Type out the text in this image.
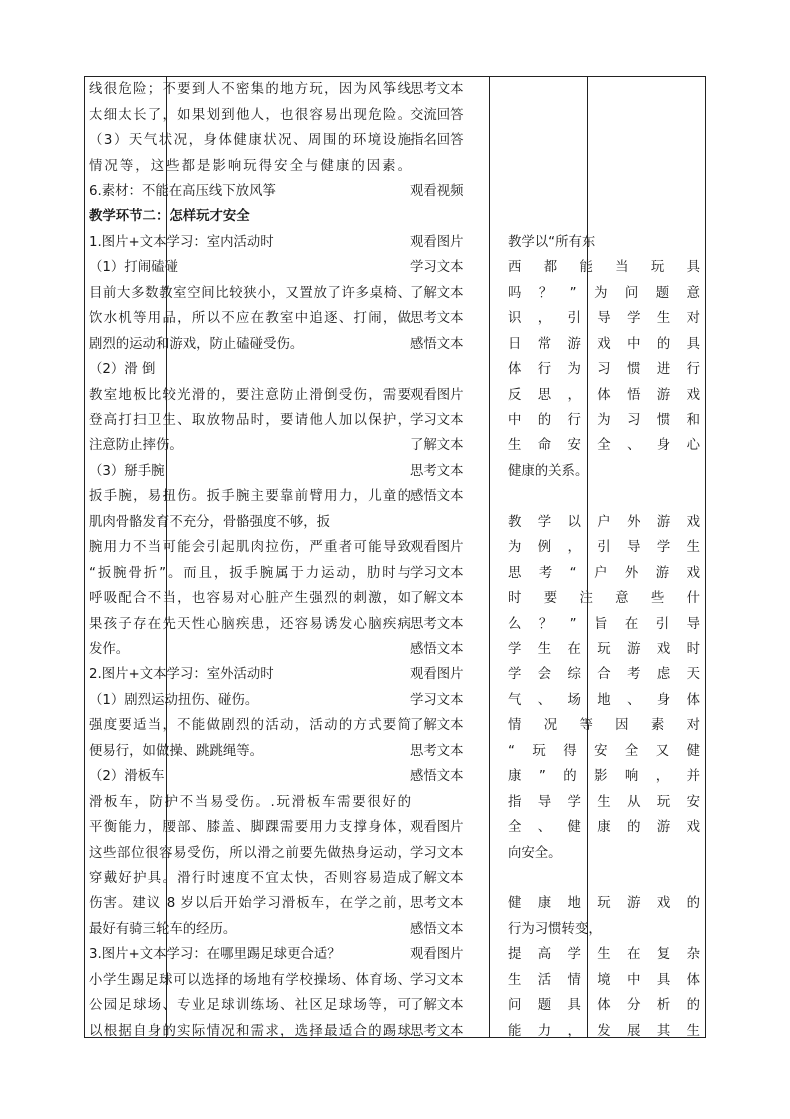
线很危险；不要到人不密集的地方玩，因为风筝线
太细太长了，如果划到他人，也很容易出现危险。
（3）天气状况，身体健康状况、周围的环境设施
情况等，这些都是影响玩得安全与健康的因素。
6.素材：不能在高压线下放风筝
教学环节二：怎样玩才安全
1.图片+文本学习：室内活动时
（1）打闹磕碰
目前大多数教室空间比较狭小，又置放了许多桌椅、
饮水机等用品，所以不应在教室中追逐、打闹，做
剧烈的运动和游戏，防止磕碰受伤。
（2）滑 倒
教室地板比较光滑的，要注意防止滑倒受伤，需要
登高打扫卫生、取放物品时，要请他人加以保护，
注意防止摔伤。
（3）掰手腕
扳手腕，易扭伤。扳手腕主要靠前臂用力，儿童的
肌肉骨骼发育不充分，骨骼强度不够，扳
腕用力不当可能会引起肌肉拉伤，严重者可能导致
“扳腕骨折”。而且，扳手腕属于力运动，肋时与
呼吸配合不当，也容易对心脏产生强烈的刺激，如
果孩子存在先天性心脑疾患，还容易诱发心脑疾病
发作。
2.图片+文本学习：室外活动时
（1）剧烈运动扭伤、碰伤。
强度要适当，不能做剧烈的活动，活动的方式要简
便易行，如做操、跳跳绳等。
（2）滑板车
滑板车，防护不当易受伤。.玩滑板车需要很好的
平衡能力，腰部、膝盖、脚踝需要用力支撑身体，
这些部位很容易受伤，所以滑之前要先做热身运动，
穿戴好护具。滑行时速度不宜太快，否则容易造成
伤害。建议 8 岁以后开始学习滑板车，在学之前，
最好有骑三轮车的经历。
3.图片+文本学习：在哪里踢足球更合适？
小学生踢足球可以选择的场地有学校操场、体育场、
公园足球场、专业足球训练场、社区足球场等，可
以根据自身的实际情况和需求，选择最适合的踢球
思考文本
交流回答
指名回答
观看视频
观看图片
学习文本
了解文本
思考文本
感悟文本
观看图片
学习文本
了解文本
思考文本
感悟文本
观看图片
学习文本
了解文本
思考文本
感悟文本
观看图片
学习文本
了解文本
思考文本
感悟文本
观看图片
学习文本
了解文本
思考文本
感悟文本
观看图片
学习文本
了解文本
思考文本
教学以“所有东
西都能当玩具
吗？”为问题意
识，引导学生对
日常游戏中的具
体行为习惯进行
反思，体悟游戏
中的行为习惯和
生命安全、身心
健康的关系。
教学以户外游戏
为例，引导学生
思考“户外游戏
时要注意些什
么？”旨在引导
学生在玩游戏时
学会综合考虑天
气、场地、身体
情况等因素对
“玩得安全又健
康”的影响，并
指导学生从玩安
全、健康的游戏
向安全。
健康地玩游戏的
行为习惯转变，
提高学生在复杂
生活情境中具体
问题具体分析的
能力，发展其生
